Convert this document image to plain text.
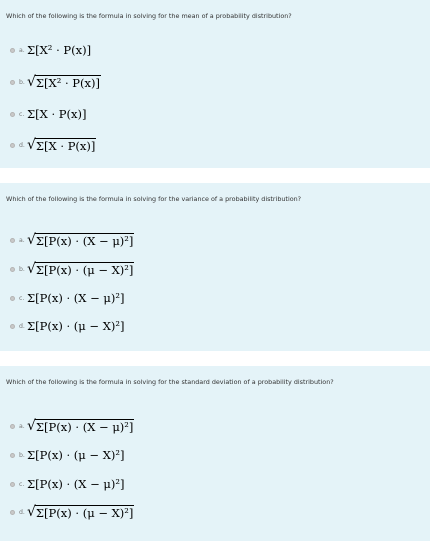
Which of the following is the formula in solving for the mean of a probability distribution?
a. Σ[X² · P(x)]
b. √ Σ[X² · P(x)]
c. Σ[X · P(x)]
d. √ Σ[X · P(x)]
Which of the following is the formula in solving for the variance of a probability distribution?
a. √ Σ[P(x) · (X − μ)²]
b. √ Σ[P(x) · (μ − X)²]
c. Σ[P(x) · (X − μ)²]
d. Σ[P(x) · (μ − X)²]
Which of the following is the formula in solving for the standard deviation of a probability distribution?
a. √ Σ[P(x) · (X − μ)²]
b. Σ[P(x) · (μ − X)²]
c. Σ[P(x) · (X − μ)²]
d. √ Σ[P(x) · (μ − X)²]
